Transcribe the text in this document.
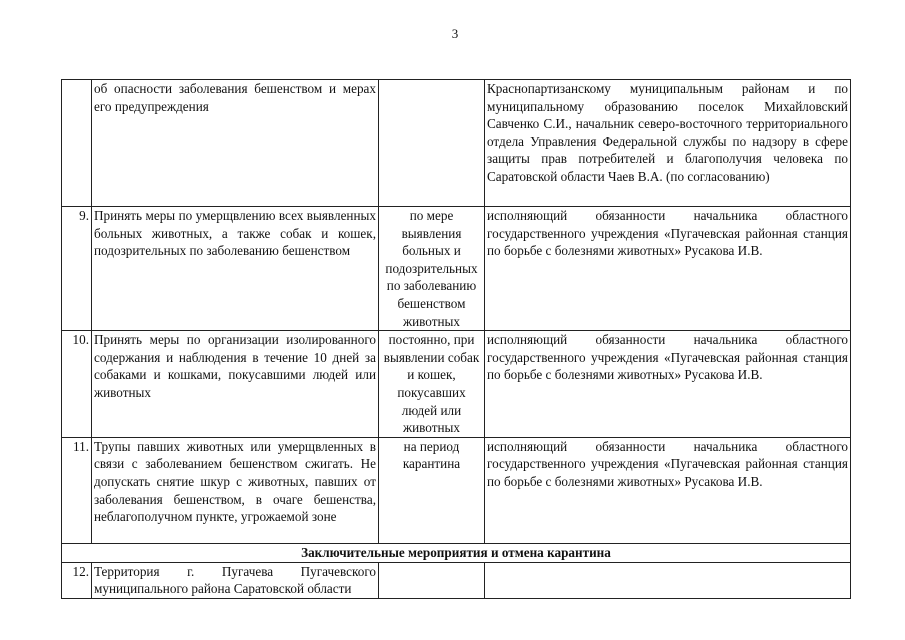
3
	об опасности заболевания бешенством и мерах его предупреждения		Краснопартизанскому муниципальным районам и по муниципальному образованию поселок Михайловский Савченко С.И., начальник северо-восточного территориального отдела Управления Федеральной службы по надзору в сфере защиты прав потребителей и благополучия человека по Саратовской области Чаев В.А. (по согласованию)
9.	Принять меры по умерщвлению всех выявленных больных животных, а также собак и кошек, подозрительных по заболеванию бешенством	по мере выявления больных и подозрительных по заболеванию бешенством животных	исполняющий обязанности начальника областного государственного учреждения «Пугачевская районная станция по борьбе с болезнями животных» Русакова И.В.
10.	Принять меры по организации изолированного содержания и наблюдения в течение 10 дней за собаками и кошками, покусавшими людей или животных	постоянно, при выявлении собак и кошек, покусавших людей или животных	исполняющий обязанности начальника областного государственного учреждения «Пугачевская районная станция по борьбе с болезнями животных» Русакова И.В.
11.	Трупы павших животных или умерщвленных в связи с заболеванием бешенством сжигать. Не допускать снятие шкур с животных, павших от заболевания бешенством, в очаге бешенства, неблагополучном пункте, угрожаемой зоне	на период карантина	исполняющий обязанности начальника областного государственного учреждения «Пугачевская районная станция по борьбе с болезнями животных» Русакова И.В.
Заключительные мероприятия и отмена карантина			
12.	Территория г. Пугачева Пугачевского муниципального района Саратовской области		
